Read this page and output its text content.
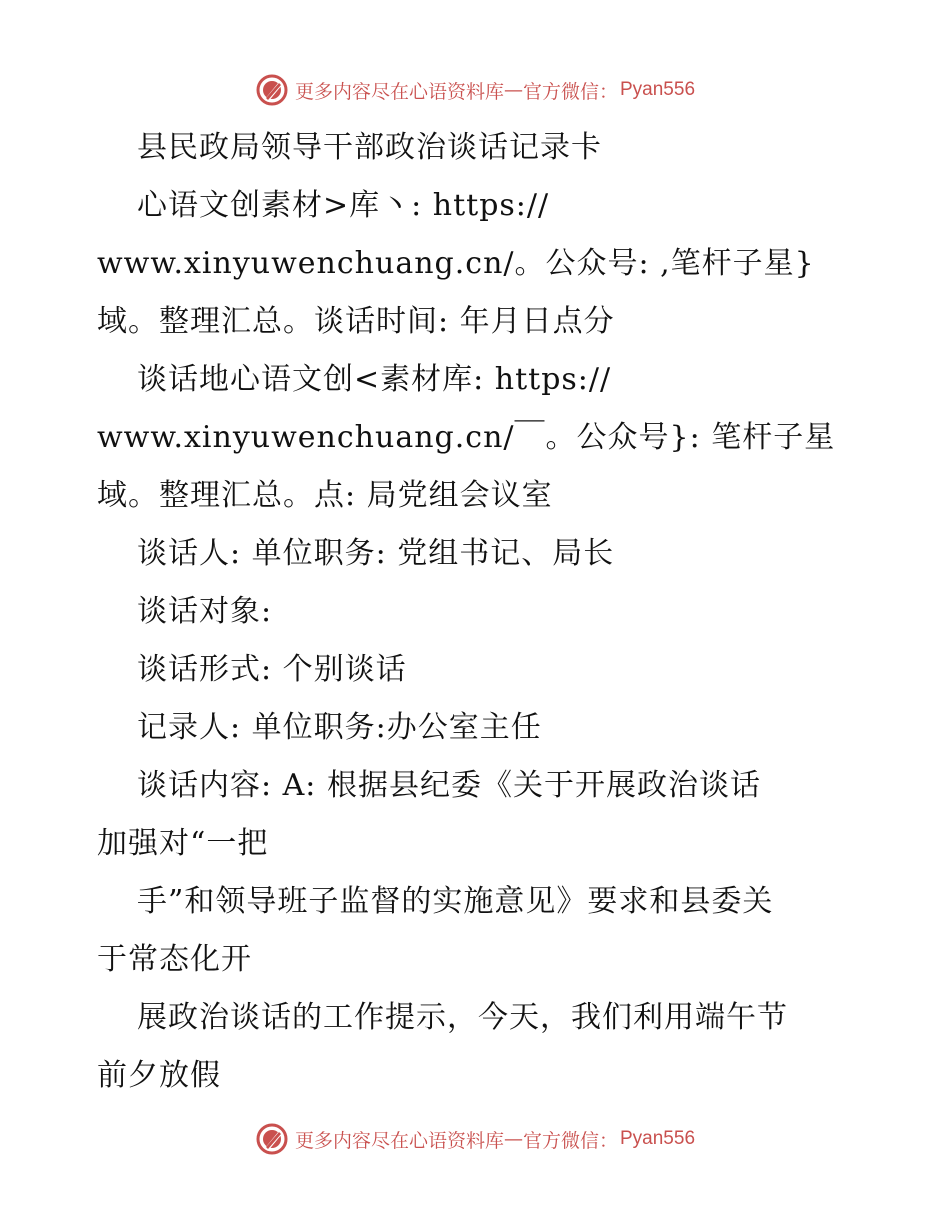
更多内容尽在心语资料库 — 官方微信： Pyan556
县民政局领导干部政治谈话记录卡
心语文创素材>库丶: https://
www.xinyuwenchuang.cn/。公众号: ,笔杆子星}
域。整理汇总。谈话时间: 年月日点分
谈话地心语文创<素材库: https://
www.xinyuwenchuang.cn/￣。公众号}: 笔杆子星
域。整理汇总。点: 局党组会议室
谈话人: 单位职务: 党组书记、局长
谈话对象:
谈话形式: 个别谈话
记录人: 单位职务:办公室主任
谈话内容: A: 根据县纪委《关于开展政治谈话
加强对“一把
手”和领导班子监督的实施意见》要求和县委关
于常态化开
展政治谈话的工作提示，今天，我们利用端午节
前夕放假
更多内容尽在心语资料库 — 官方微信： Pyan556
